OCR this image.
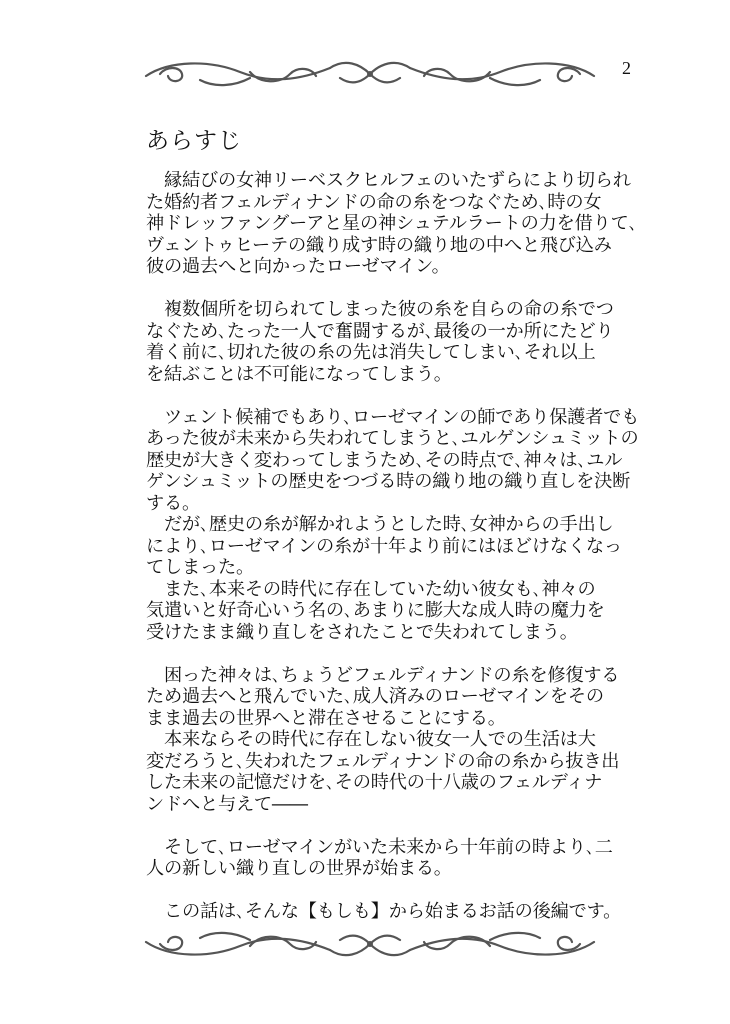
2
あらすじ
　縁結びの女神リーベスクヒルフェのいたずらにより切られ
た婚約者フェルディナンドの命の糸をつなぐため､時の女
神ドレッファングーアと星の神シュテルラートの力を借りて､
ヴェントゥヒーテの織り成す時の織り地の中へと飛び込み
彼の過去へと向かったローゼマイン。
　複数個所を切られてしまった彼の糸を自らの命の糸でつ
なぐため､たった一人で奮闘するが､最後の一か所にたどり
着く前に､切れた彼の糸の先は消失してしまい､それ以上
を結ぶことは不可能になってしまう。
　ツェント候補でもあり､ローゼマインの師であり保護者でも
あった彼が未来から失われてしまうと､ユルゲンシュミットの
歴史が大きく変わってしまうため､その時点で､神々は､ユル
ゲンシュミットの歴史をつづる時の織り地の織り直しを決断
する。
　だが､歴史の糸が解かれようとした時､女神からの手出し
により､ローゼマインの糸が十年より前にはほどけなくなっ
てしまった。
　また､本来その時代に存在していた幼い彼女も､神々の
気遣いと好奇心いう名の､あまりに膨大な成人時の魔力を
受けたまま織り直しをされたことで失われてしまう。
　困った神々は､ちょうどフェルディナンドの糸を修復する
ため過去へと飛んでいた､成人済みのローゼマインをその
まま過去の世界へと滞在させることにする。
　本来ならその時代に存在しない彼女一人での生活は大
変だろうと､失われたフェルディナンドの命の糸から抜き出
した未来の記憶だけを､その時代の十八歳のフェルディナ
ンドへと与えて――
　そして､ローゼマインがいた未来から十年前の時より､二
人の新しい織り直しの世界が始まる。
　この話は､そんな【もしも】から始まるお話の後編です。
